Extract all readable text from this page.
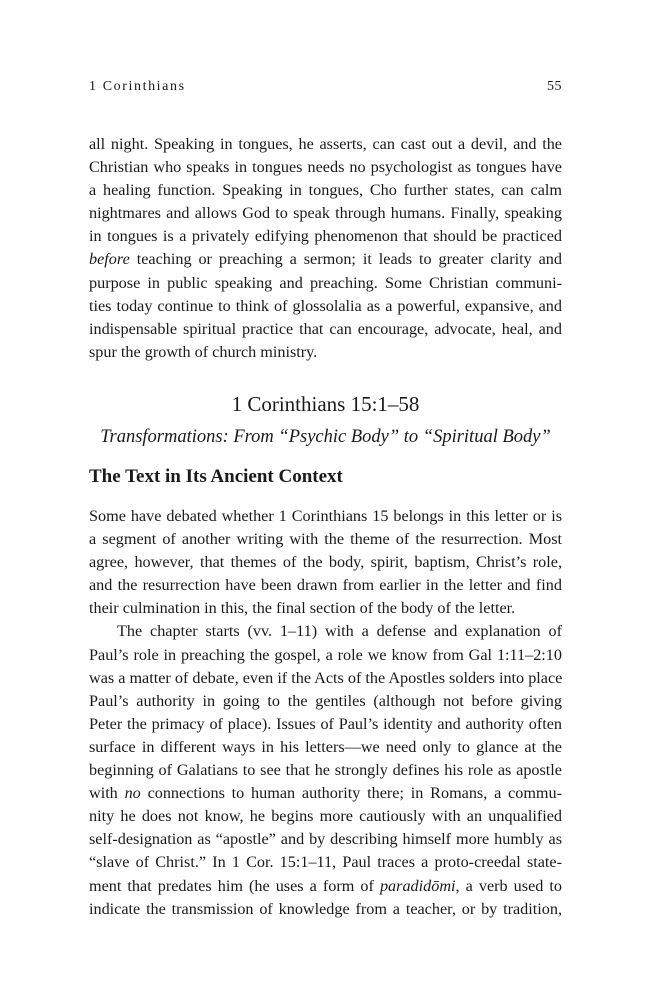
1 Corinthians	55
all night. Speaking in tongues, he asserts, can cast out a devil, and the
Christian who speaks in tongues needs no psychologist as tongues have
a healing function. Speaking in tongues, Cho further states, can calm
nightmares and allows God to speak through humans. Finally, speaking
in tongues is a privately edifying phenomenon that should be practiced
before teaching or preaching a sermon; it leads to greater clarity and
purpose in public speaking and preaching. Some Christian communi-
ties today continue to think of glossolalia as a powerful, expansive, and
indispensable spiritual practice that can encourage, advocate, heal, and
spur the growth of church ministry.
1 Corinthians 15:1–58
Transformations: From “Psychic Body” to “Spiritual Body”
The Text in Its Ancient Context
Some have debated whether 1 Corinthians 15 belongs in this letter or is
a segment of another writing with the theme of the resurrection. Most
agree, however, that themes of the body, spirit, baptism, Christ’s role,
and the resurrection have been drawn from earlier in the letter and find
their culmination in this, the final section of the body of the letter.
The chapter starts (vv. 1–11) with a defense and explanation of
Paul’s role in preaching the gospel, a role we know from Gal 1:11–2:10
was a matter of debate, even if the Acts of the Apostles solders into place
Paul’s authority in going to the gentiles (although not before giving
Peter the primacy of place). Issues of Paul’s identity and authority often
surface in different ways in his letters—we need only to glance at the
beginning of Galatians to see that he strongly defines his role as apostle
with no connections to human authority there; in Romans, a commu-
nity he does not know, he begins more cautiously with an unqualified
self-designation as “apostle” and by describing himself more humbly as
“slave of Christ.” In 1 Cor. 15:1–11, Paul traces a proto-creedal state-
ment that predates him (he uses a form of paradidōmi, a verb used to
indicate the transmission of knowledge from a teacher, or by tradition,
